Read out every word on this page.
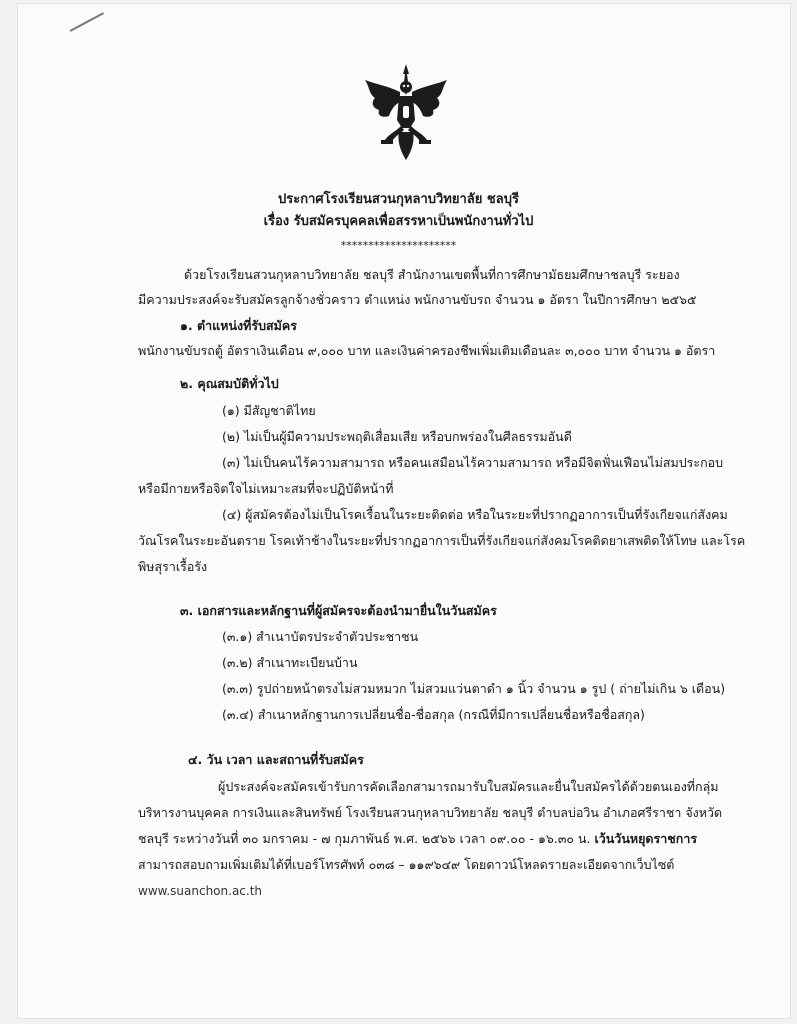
ประกาศโรงเรียนสวนกุหลาบวิทยาลัย ชลบุรี
เรื่อง รับสมัครบุคคลเพื่อสรรหาเป็นพนักงานทั่วไป
*********************
ด้วยโรงเรียนสวนกุหลาบวิทยาลัย ชลบุรี สำนักงานเขตพื้นที่การศึกษามัธยมศึกษาชลบุรี ระยอง
มีความประสงค์จะรับสมัครลูกจ้างชั่วคราว ตำแหน่ง พนักงานขับรถ จำนวน ๑ อัตรา ในปีการศึกษา ๒๕๖๕
๑. ตำแหน่งที่รับสมัคร
พนักงานขับรถตู้ อัตราเงินเดือน ๙,๐๐๐ บาท และเงินค่าครองชีพเพิ่มเติมเดือนละ ๓,๐๐๐ บาท จำนวน ๑ อัตรา
๒. คุณสมบัติทั่วไป
(๑) มีสัญชาติไทย
(๒) ไม่เป็นผู้มีความประพฤติเสื่อมเสีย หรือบกพร่องในศีลธรรมอันดี
(๓) ไม่เป็นคนไร้ความสามารถ หรือคนเสมือนไร้ความสามารถ หรือมีจิตฟั่นเฟือนไม่สมประกอบ
หรือมีกายหรือจิตใจไม่เหมาะสมที่จะปฏิบัติหน้าที่
(๔) ผู้สมัครต้องไม่เป็นโรคเรื้อนในระยะติดต่อ หรือในระยะที่ปรากฏอาการเป็นที่รังเกียจแก่สังคม
วัณโรคในระยะอันตราย โรคเท้าช้างในระยะที่ปรากฏอาการเป็นที่รังเกียจแก่สังคมโรคติดยาเสพติดให้โทษ และโรค
พิษสุราเรื้อรัง
๓. เอกสารและหลักฐานที่ผู้สมัครจะต้องนำมายื่นในวันสมัคร
(๓.๑) สำเนาบัตรประจำตัวประชาชน
(๓.๒) สำเนาทะเบียนบ้าน
(๓.๓) รูปถ่ายหน้าตรงไม่สวมหมวก ไม่สวมแว่นตาดำ ๑ นิ้ว จำนวน ๑ รูป ( ถ่ายไม่เกิน ๖ เดือน)
(๓.๔) สำเนาหลักฐานการเปลี่ยนชื่อ-ชื่อสกุล (กรณีที่มีการเปลี่ยนชื่อหรือชื่อสกุล)
๔. วัน เวลา และสถานที่รับสมัคร
ผู้ประสงค์จะสมัครเข้ารับการคัดเลือกสามารถมารับใบสมัครและยื่นใบสมัครได้ด้วยตนเองที่กลุ่ม
บริหารงานบุคคล การเงินและสินทรัพย์ โรงเรียนสวนกุหลาบวิทยาลัย ชลบุรี ตำบลบ่อวิน อำเภอศรีราชา จังหวัด
ชลบุรี ระหว่างวันที่ ๓๐ มกราคม - ๗ กุมภาพันธ์ พ.ศ. ๒๕๖๖ เวลา ๐๙.๐๐ - ๑๖.๓๐ น. เว้นวันหยุดราชการ
สามารถสอบถามเพิ่มเติมได้ที่เบอร์โทรศัพท์ ๐๓๘ – ๑๑๙๖๔๙ โดยดาวน์โหลดรายละเอียดจากเว็บไซต์
www.suanchon.ac.th
